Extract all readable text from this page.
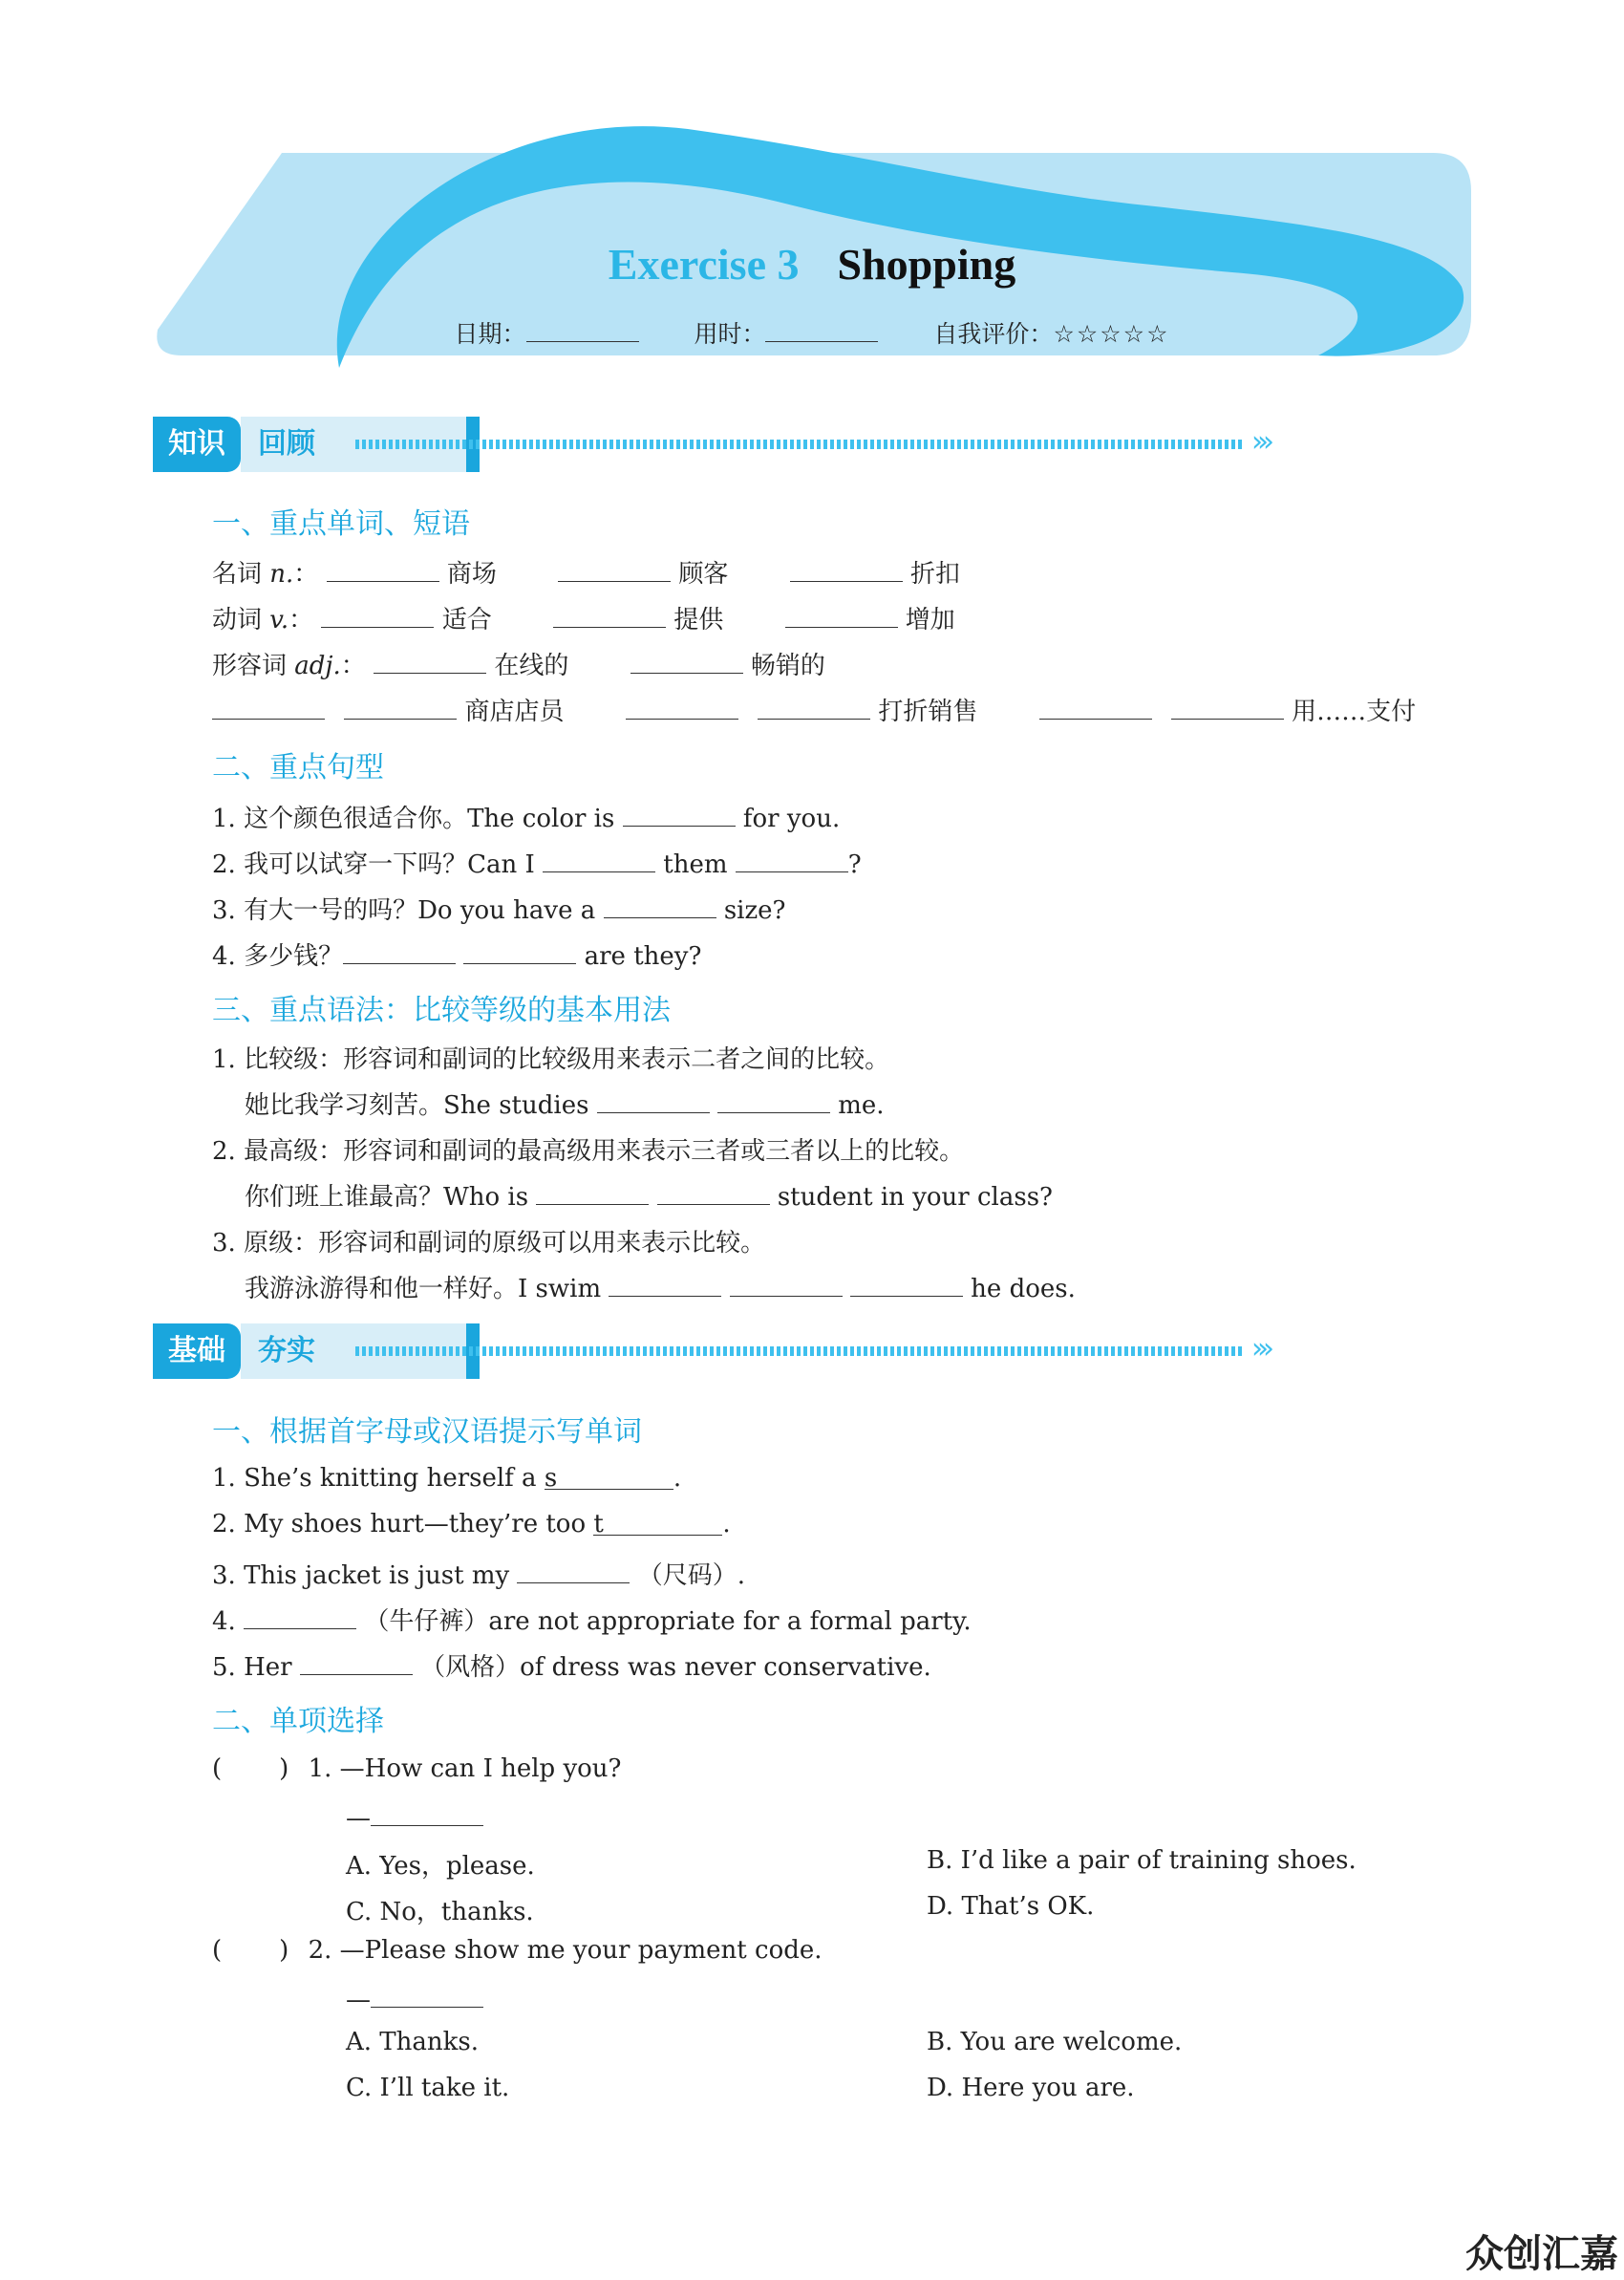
Exercise 3 Shopping
日期：	用时：	自我评价：☆☆☆☆☆
知识	回顾	›››
一、重点单词、短语
名词 n.：	商场	顾客	折扣
动词 v.：	适合	提供	增加
形容词 adj.：	在线的	畅销的
商店店员	打折销售	用……支付
二、重点句型
1. 这个颜色很适合你。The color is	for you.
2. 我可以试穿一下吗？Can I	them	?
3. 有大一号的吗？Do you have a	size?
4. 多少钱？	are they?
三、重点语法：比较等级的基本用法
1. 比较级：形容词和副词的比较级用来表示二者之间的比较。
她比我学习刻苦。She studies	me.
2. 最高级：形容词和副词的最高级用来表示三者或三者以上的比较。
你们班上谁最高？Who is	student in your class?
3. 原级：形容词和副词的原级可以用来表示比较。
我游泳游得和他一样好。I swim	he does.
基础	夯实	›››
一、根据首字母或汉语提示写单词
1. She’s knitting herself a s	.
2. My shoes hurt—they’re too t	.
3. This jacket is just my	（尺码）.
4.	（牛仔裤）are not appropriate for a formal party.
5. Her	（风格）of dress was never conservative.
二、单项选择
( ) 1. —How can I help you?
—
A. Yes，please.	B. I’d like a pair of training shoes.
C. No，thanks.	D. That’s OK.
( ) 2. —Please show me your payment code.
—
A. Thanks.	B. You are welcome.
C. I’ll take it.	D. Here you are.
众创汇嘉
